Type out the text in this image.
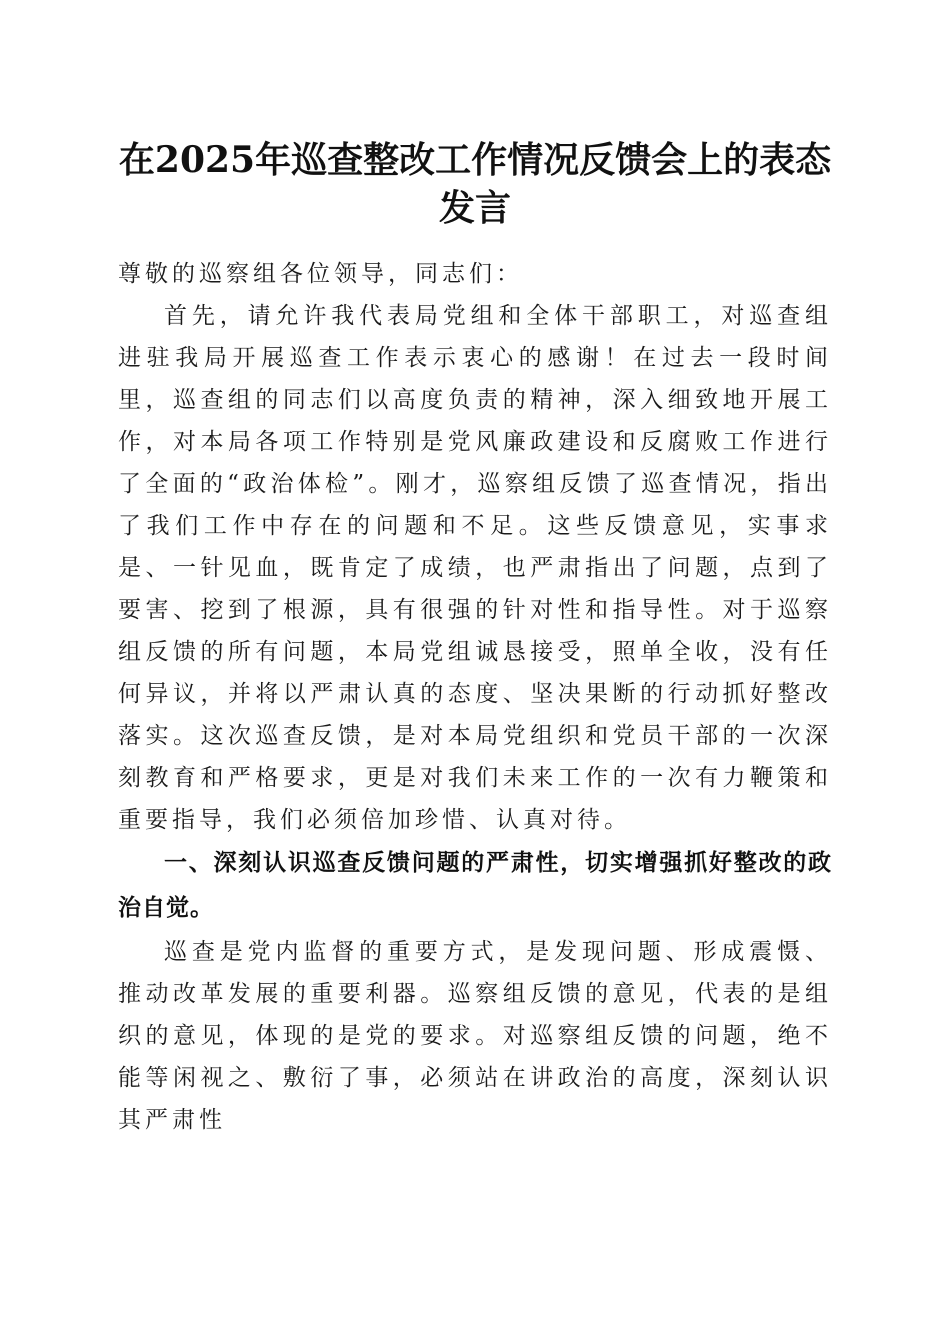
在2025年巡查整改工作情况反馈会上的表态
发言

尊敬的巡察组各位领导，同志们：

首先，请允许我代表局党组和全体干部职工，对巡查组进驻我局开展巡查工作表示衷心的感谢！在过去一段时间里，巡查组的同志们以高度负责的精神，深入细致地开展工作，对本局各项工作特别是党风廉政建设和反腐败工作进行了全面的“政治体检”。刚才，巡察组反馈了巡查情况，指出了我们工作中存在的问题和不足。这些反馈意见，实事求是、一针见血，既肯定了成绩，也严肃指出了问题，点到了要害、挖到了根源，具有很强的针对性和指导性。对于巡察组反馈的所有问题，本局党组诚恳接受，照单全收，没有任何异议，并将以严肃认真的态度、坚决果断的行动抓好整改落实。这次巡查反馈，是对本局党组织和党员干部的一次深刻教育和严格要求，更是对我们未来工作的一次有力鞭策和重要指导，我们必须倍加珍惜、认真对待。

一、深刻认识巡查反馈问题的严肃性，切实增强抓好整改的政治自觉。

巡查是党内监督的重要方式，是发现问题、形成震慑、推动改革发展的重要利器。巡察组反馈的意见，代表的是组织的意见，体现的是党的要求。对巡察组反馈的问题，绝不能等闲视之、敷衍了事，必须站在讲政治的高度，深刻认识其严肃性
